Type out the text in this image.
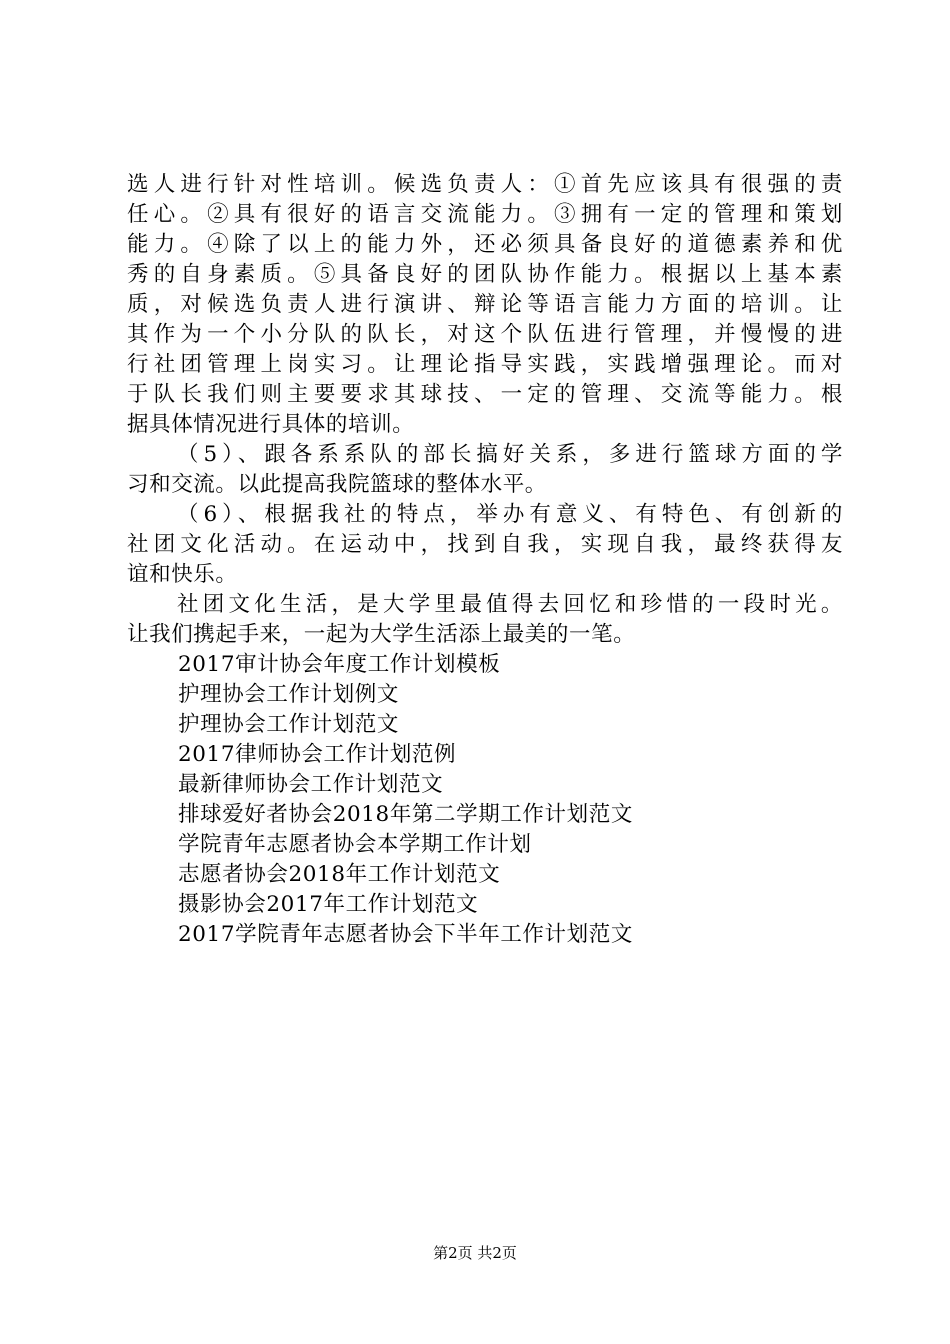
选人进行针对性培训。候选负责人：①首先应该具有很强的责
任心。②具有很好的语言交流能力。③拥有一定的管理和策划
能力。④除了以上的能力外，还必须具备良好的道德素养和优
秀的自身素质。⑤具备良好的团队协作能力。根据以上基本素
质，对候选负责人进行演讲、辩论等语言能力方面的培训。让
其作为一个小分队的队长，对这个队伍进行管理，并慢慢的进
行社团管理上岗实习。让理论指导实践，实践增强理论。而对
于队长我们则主要要求其球技、一定的管理、交流等能力。根
据具体情况进行具体的培训。
（5）、跟各系系队的部长搞好关系，多进行篮球方面的学
习和交流。以此提高我院篮球的整体水平。
（6）、根据我社的特点，举办有意义、有特色、有创新的
社团文化活动。在运动中，找到自我，实现自我，最终获得友
谊和快乐。
社团文化生活，是大学里最值得去回忆和珍惜的一段时光。
让我们携起手来，一起为大学生活添上最美的一笔。
2017审计协会年度工作计划模板
护理协会工作计划例文
护理协会工作计划范文
2017律师协会工作计划范例
最新律师协会工作计划范文
排球爱好者协会2018年第二学期工作计划范文
学院青年志愿者协会本学期工作计划
志愿者协会2018年工作计划范文
摄影协会2017年工作计划范文
2017学院青年志愿者协会下半年工作计划范文
第2页 共2页
